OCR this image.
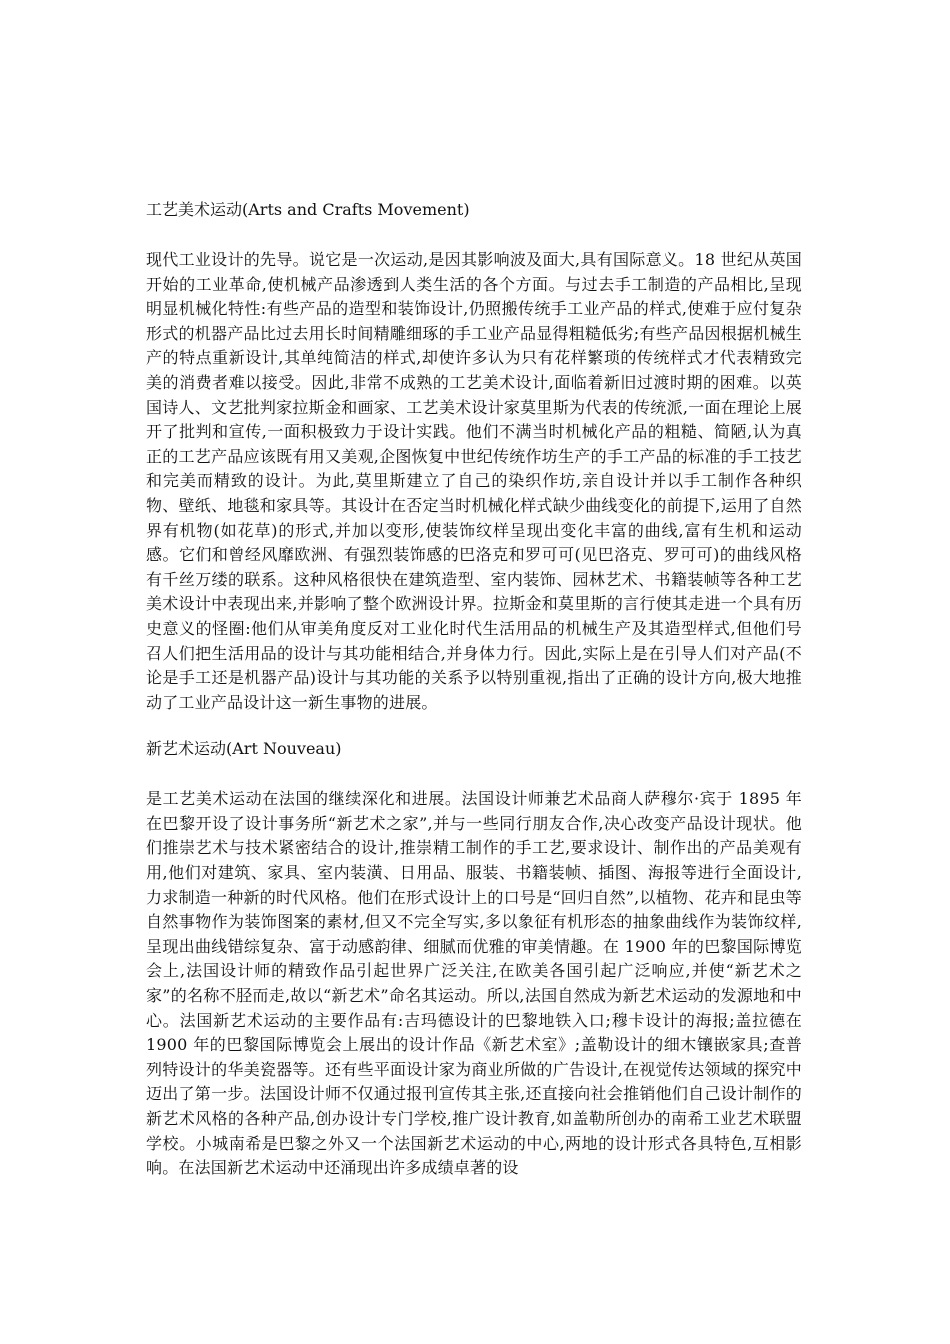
工艺美术运动(Arts and Crafts Movement)

现代工业设计的先导。说它是一次运动,是因其影响波及面大,具有国际意义。18 世纪从英国开始的工业革命,使机械产品渗透到人类生活的各个方面。与过去手工制造的产品相比,呈现明显机械化特性:有些产品的造型和装饰设计,仍照搬传统手工业产品的样式,使难于应付复杂形式的机器产品比过去用长时间精雕细琢的手工业产品显得粗糙低劣;有些产品因根据机械生产的特点重新设计,其单纯简洁的样式,却使许多认为只有花样繁琐的传统样式才代表精致完美的消费者难以接受。因此,非常不成熟的工艺美术设计,面临着新旧过渡时期的困难。以英国诗人、文艺批判家拉斯金和画家、工艺美术设计家莫里斯为代表的传统派,一面在理论上展开了批判和宣传,一面积极致力于设计实践。他们不满当时机械化产品的粗糙、简陋,认为真正的工艺产品应该既有用又美观,企图恢复中世纪传统作坊生产的手工产品的标准的手工技艺和完美而精致的设计。为此,莫里斯建立了自己的染织作坊,亲自设计并以手工制作各种织物、壁纸、地毯和家具等。其设计在否定当时机械化样式缺少曲线变化的前提下,运用了自然界有机物(如花草)的形式,并加以变形,使装饰纹样呈现出变化丰富的曲线,富有生机和运动感。它们和曾经风靡欧洲、有强烈装饰感的巴洛克和罗可可(见巴洛克、罗可可)的曲线风格有千丝万缕的联系。这种风格很快在建筑造型、室内装饰、园林艺术、书籍装帧等各种工艺美术设计中表现出来,并影响了整个欧洲设计界。拉斯金和莫里斯的言行使其走进一个具有历史意义的怪圈:他们从审美角度反对工业化时代生活用品的机械生产及其造型样式,但他们号召人们把生活用品的设计与其功能相结合,并身体力行。因此,实际上是在引导人们对产品(不论是手工还是机器产品)设计与其功能的关系予以特别重视,指出了正确的设计方向,极大地推动了工业产品设计这一新生事物的进展。

新艺术运动(Art Nouveau)

是工艺美术运动在法国的继续深化和进展。法国设计师兼艺术品商人萨穆尔·宾于 1895 年在巴黎开设了设计事务所“新艺术之家”,并与一些同行朋友合作,决心改变产品设计现状。他们推崇艺术与技术紧密结合的设计,推崇精工制作的手工艺,要求设计、制作出的产品美观有用,他们对建筑、家具、室内装潢、日用品、服装、书籍装帧、插图、海报等进行全面设计,力求制造一种新的时代风格。他们在形式设计上的口号是“回归自然”,以植物、花卉和昆虫等自然事物作为装饰图案的素材,但又不完全写实,多以象征有机形态的抽象曲线作为装饰纹样,呈现出曲线错综复杂、富于动感韵律、细腻而优雅的审美情趣。在 1900 年的巴黎国际博览会上,法国设计师的精致作品引起世界广泛关注,在欧美各国引起广泛响应,并使“新艺术之家”的名称不胫而走,故以“新艺术”命名其运动。所以,法国自然成为新艺术运动的发源地和中心。法国新艺术运动的主要作品有:吉玛德设计的巴黎地铁入口;穆卡设计的海报;盖拉德在 1900 年的巴黎国际博览会上展出的设计作品《新艺术室》;盖勒设计的细木镶嵌家具;查普列特设计的华美瓷器等。还有些平面设计家为商业所做的广告设计,在视觉传达领域的探究中迈出了第一步。法国设计师不仅通过报刊宣传其主张,还直接向社会推销他们自己设计制作的新艺术风格的各种产品,创办设计专门学校,推广设计教育,如盖勒所创办的南希工业艺术联盟学校。小城南希是巴黎之外又一个法国新艺术运动的中心,两地的设计形式各具特色,互相影响。在法国新艺术运动中还涌现出许多成绩卓著的设
